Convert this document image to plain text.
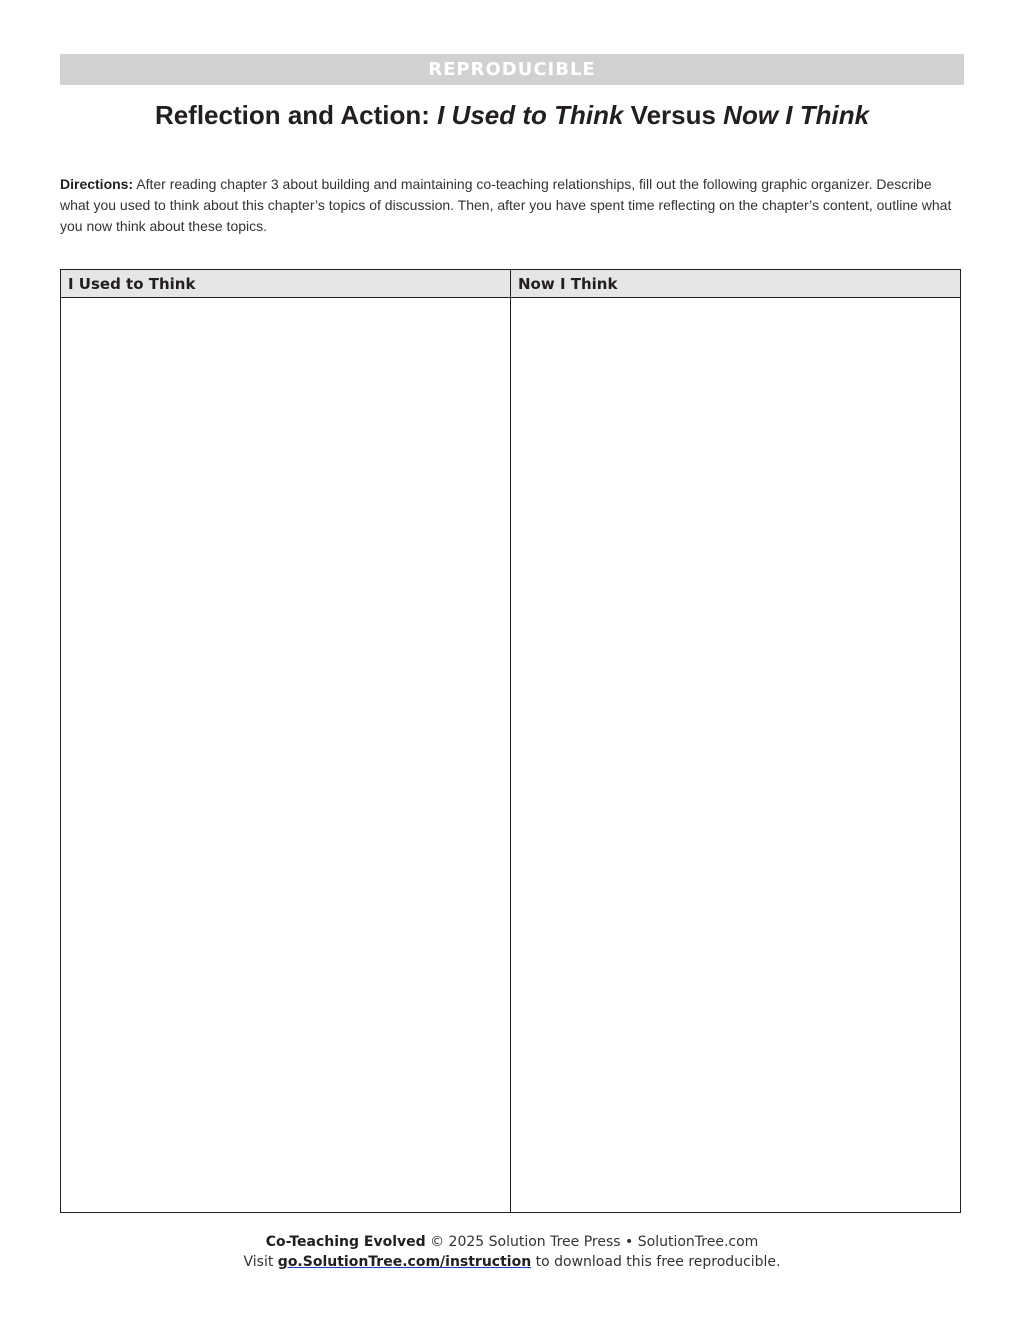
REPRODUCIBLE
Reflection and Action: I Used to Think Versus Now I Think

Directions: After reading chapter 3 about building and maintaining co-teaching relationships, fill out the following graphic organizer. Describe what you used to think about this chapter’s topics of discussion. Then, after you have spent time reflecting on the chapter’s content, outline what you now think about these topics.

I Used to Think	Now I Think
Co-Teaching Evolved © 2025 Solution Tree Press • SolutionTree.com
Visit go.SolutionTree.com/instruction to download this free reproducible.
